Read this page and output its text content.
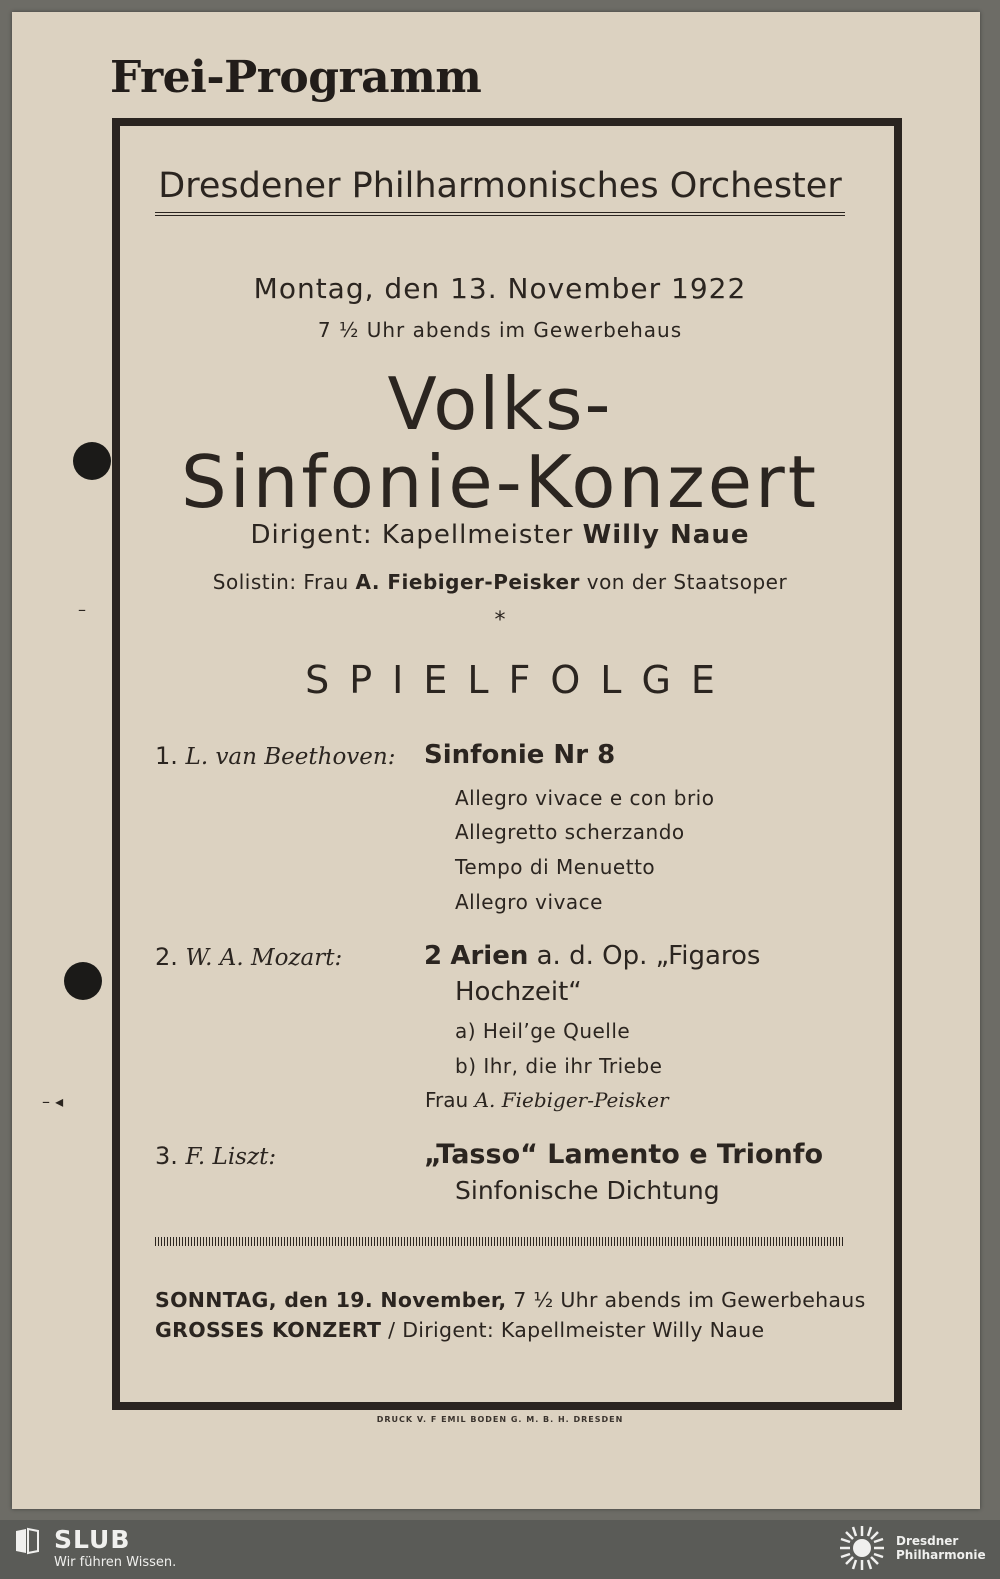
–
– ◂
Frei-Programm
Dresdener Philharmonisches Orchester
Montag, den 13. November 1922
7 ½ Uhr abends im Gewerbehaus
Volks-
Sinfonie-Konzert
Dirigent: Kapellmeister Willy Naue
Solistin: Frau A. Fiebiger-Peisker von der Staatsoper
*
SPIELFOLGE
1. L. van Beethoven: Sinfonie Nr 8
Allegro vivace e con brio
Allegretto scherzando
Tempo di Menuetto
Allegro vivace
2. W. A. Mozart:	2 Arien a. d. Op. „Figaros
Hochzeit“
a) Heil’ge Quelle
b) Ihr, die ihr Triebe
Frau A. Fiebiger-Peisker
3. F. Liszt:	„Tasso“ Lamento e Trionfo
Sinfonische Dichtung
SONNTAG, den 19. November, 7 ½ Uhr abends im Gewerbehaus
GROSSES KONZERT / Dirigent: Kapellmeister Willy Naue
DRUCK V. F EMIL BODEN G. M. B. H. DRESDEN
SLUB
Wir führen Wissen.
Dresdner
Philharmonie
